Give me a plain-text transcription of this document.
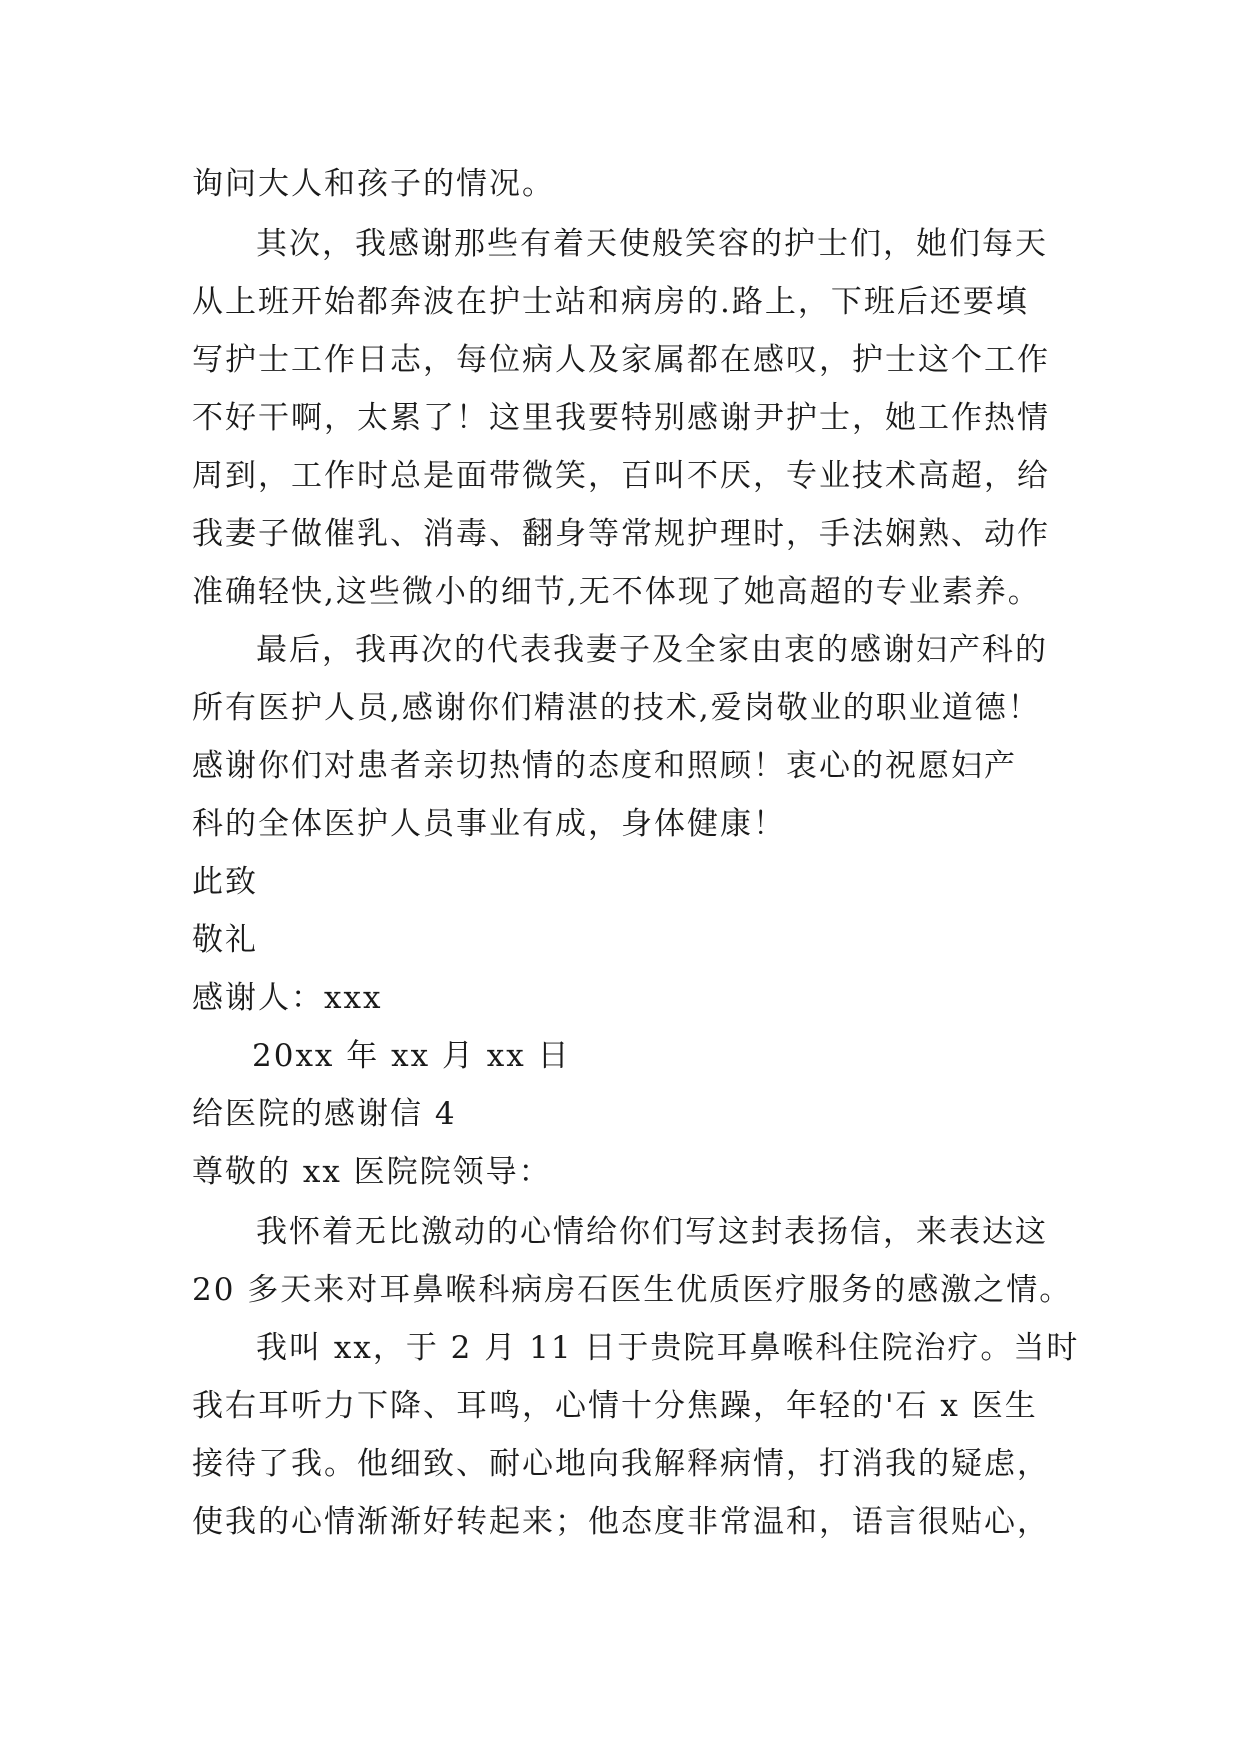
询问大人和孩子的情况。
其次，我感谢那些有着天使般笑容的护士们，她们每天
从上班开始都奔波在护士站和病房的.路上，下班后还要填
写护士工作日志，每位病人及家属都在感叹，护士这个工作
不好干啊，太累了！这里我要特别感谢尹护士，她工作热情
周到，工作时总是面带微笑，百叫不厌，专业技术高超，给
我妻子做催乳、消毒、翻身等常规护理时，手法娴熟、动作
准确轻快,这些微小的细节,无不体现了她高超的专业素养。
最后，我再次的代表我妻子及全家由衷的感谢妇产科的
所有医护人员,感谢你们精湛的技术,爱岗敬业的职业道德！
感谢你们对患者亲切热情的态度和照顾！衷心的祝愿妇产
科的全体医护人员事业有成，身体健康！
此致
敬礼
感谢人：xxx
20xx 年 xx 月 xx 日
给医院的感谢信 4
尊敬的 xx 医院院领导：
我怀着无比激动的心情给你们写这封表扬信，来表达这
20 多天来对耳鼻喉科病房石医生优质医疗服务的感激之情。
我叫 xx，于 2 月 11 日于贵院耳鼻喉科住院治疗。当时
我右耳听力下降、耳鸣，心情十分焦躁，年轻的'石 x 医生
接待了我。他细致、耐心地向我解释病情，打消我的疑虑，
使我的心情渐渐好转起来；他态度非常温和，语言很贴心，
